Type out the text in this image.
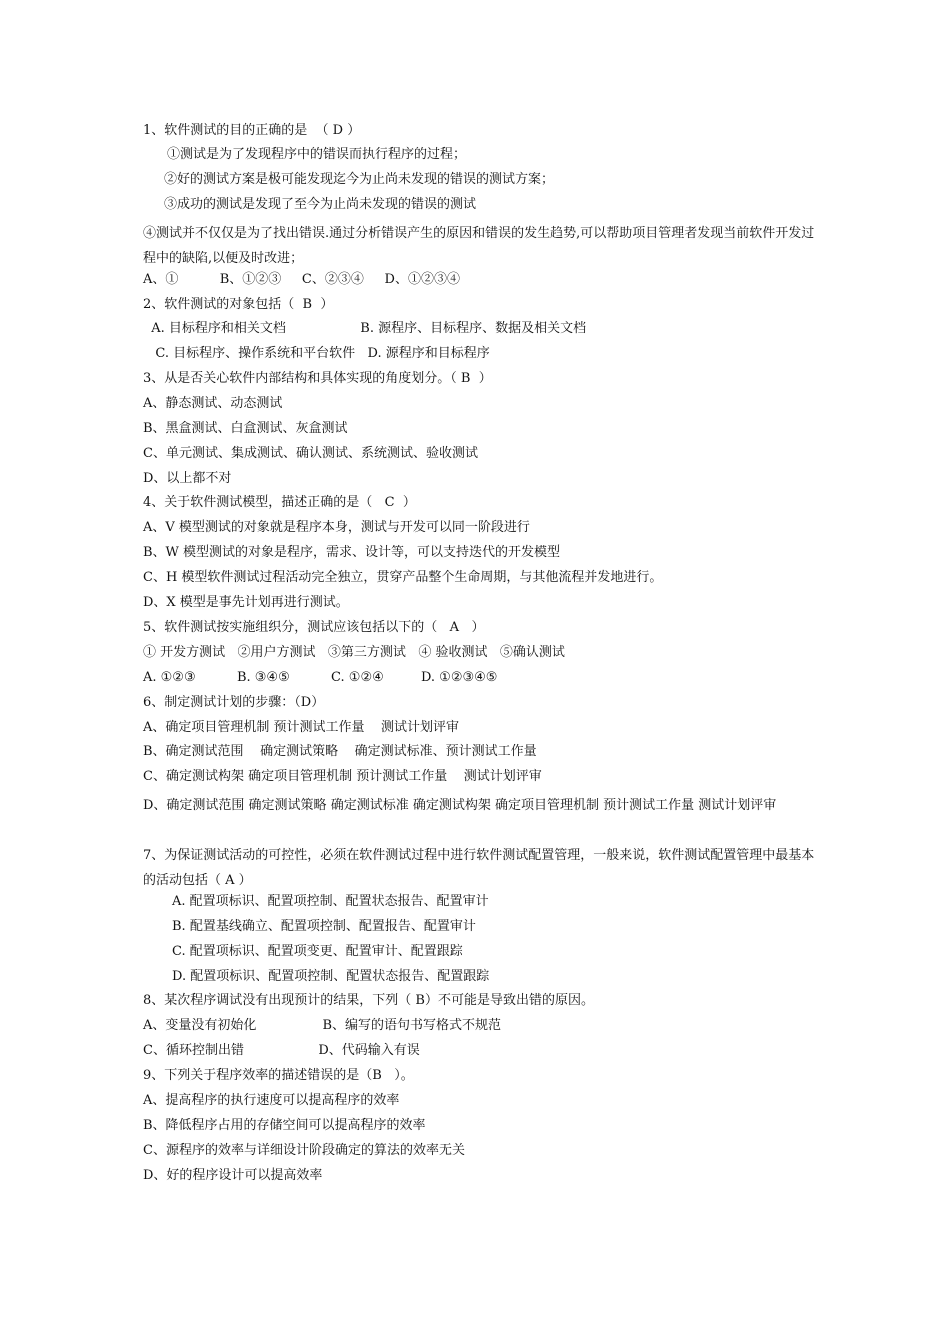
1、软件测试的目的正确的是  （ D ）
①测试是为了发现程序中的错误而执行程序的过程；
②好的测试方案是极可能发现迄今为止尚未发现的错误的测试方案；
③成功的测试是发现了至今为止尚未发现的错误的测试
④测试并不仅仅是为了找出错误.通过分析错误产生的原因和错误的发生趋势,可以帮助项目管理者发现当前软件开发过程中的缺陷,以便及时改进；
A、①          B、①②③     C、②③④     D、①②③④
2、软件测试的对象包括（  B  ）
A. 目标程序和相关文档                  B. 源程序、目标程序、数据及相关文档
C. 目标程序、操作系统和平台软件   D. 源程序和目标程序
3、从是否关心软件内部结构和具体实现的角度划分。（ B  ）
A、静态测试、动态测试
B、黑盒测试、白盒测试、灰盒测试
C、单元测试、集成测试、确认测试、系统测试、验收测试
D、以上都不对
4、关于软件测试模型，描述正确的是（   C  ）
A、V 模型测试的对象就是程序本身，测试与开发可以同一阶段进行
B、W 模型测试的对象是程序，需求、设计等，可以支持迭代的开发模型
C、H 模型软件测试过程活动完全独立，贯穿产品整个生命周期，与其他流程并发地进行。
D、X 模型是事先计划再进行测试。
5、软件测试按实施组织分，测试应该包括以下的（   A   ）
① 开发方测试   ②用户方测试   ③第三方测试   ④ 验收测试   ⑤确认测试
A. ①②③          B. ③④⑤          C. ①②④         D. ①②③④⑤
6、制定测试计划的步骤：（D）
A、确定项目管理机制 预计测试工作量    测试计划评审
B、确定测试范围    确定测试策略    确定测试标准、预计测试工作量
C、确定测试构架 确定项目管理机制 预计测试工作量    测试计划评审
D、确定测试范围 确定测试策略 确定测试标准 确定测试构架 确定项目管理机制 预计测试工作量 测试计划评审
7、为保证测试活动的可控性，必须在软件测试过程中进行软件测试配置管理，一般来说，软件测试配置管理中最基本的活动包括（ A ）
A. 配置项标识、配置项控制、配置状态报告、配置审计
B. 配置基线确立、配置项控制、配置报告、配置审计
C. 配置项标识、配置项变更、配置审计、配置跟踪
D. 配置项标识、配置项控制、配置状态报告、配置跟踪
8、某次程序调试没有出现预计的结果，下列（ B）不可能是导致出错的原因。
A、变量没有初始化                B、编写的语句书写格式不规范
C、循环控制出错                  D、代码输入有误
9、下列关于程序效率的描述错误的是（B   ）。
A、提高程序的执行速度可以提高程序的效率
B、降低程序占用的存储空间可以提高程序的效率
C、源程序的效率与详细设计阶段确定的算法的效率无关
D、好的程序设计可以提高效率
